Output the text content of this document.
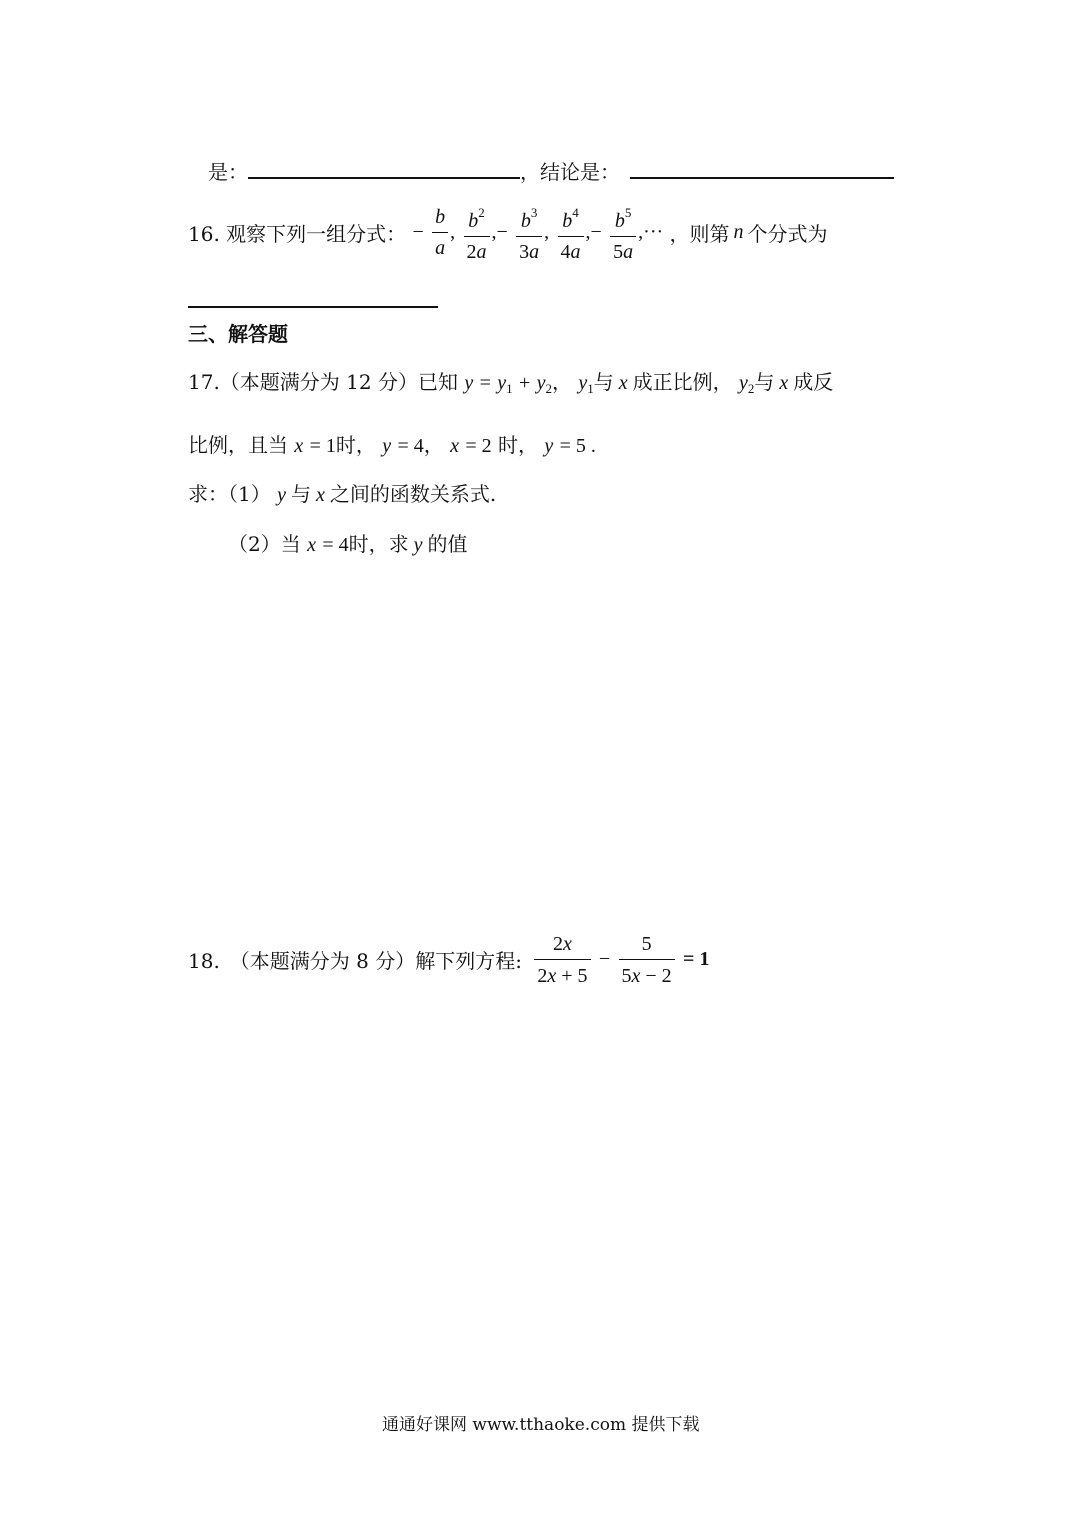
是：	，结论是：
16. 观察下列一组分式： − $\frac{b}{a}$ , $\frac{b^2}{2a}$ ,− $\frac{b^3}{3a}$ , $\frac{b^4}{4a}$ ,− $\frac{b^5}{5a}$ ,··· ，则第 n 个分式为
三、解答题
17.（本题满分为 12 分）已知 $y = y_1 + y_2$， $y_1$与 x 成正比例， $y_2$与 x 成反
比例，且当 x = 1时， y = 4， x = 2 时， y = 5 .
求：（1） y 与 x 之间的函数关系式.
（2）当 x = 4时，求 y 的值
18.　（本题满分为 8 分）解下列方程: $\frac{2x}{2x + 5} - \frac{5}{5x - 2} = 1$
通通好课网 www.tthaoke.com 提供下载
